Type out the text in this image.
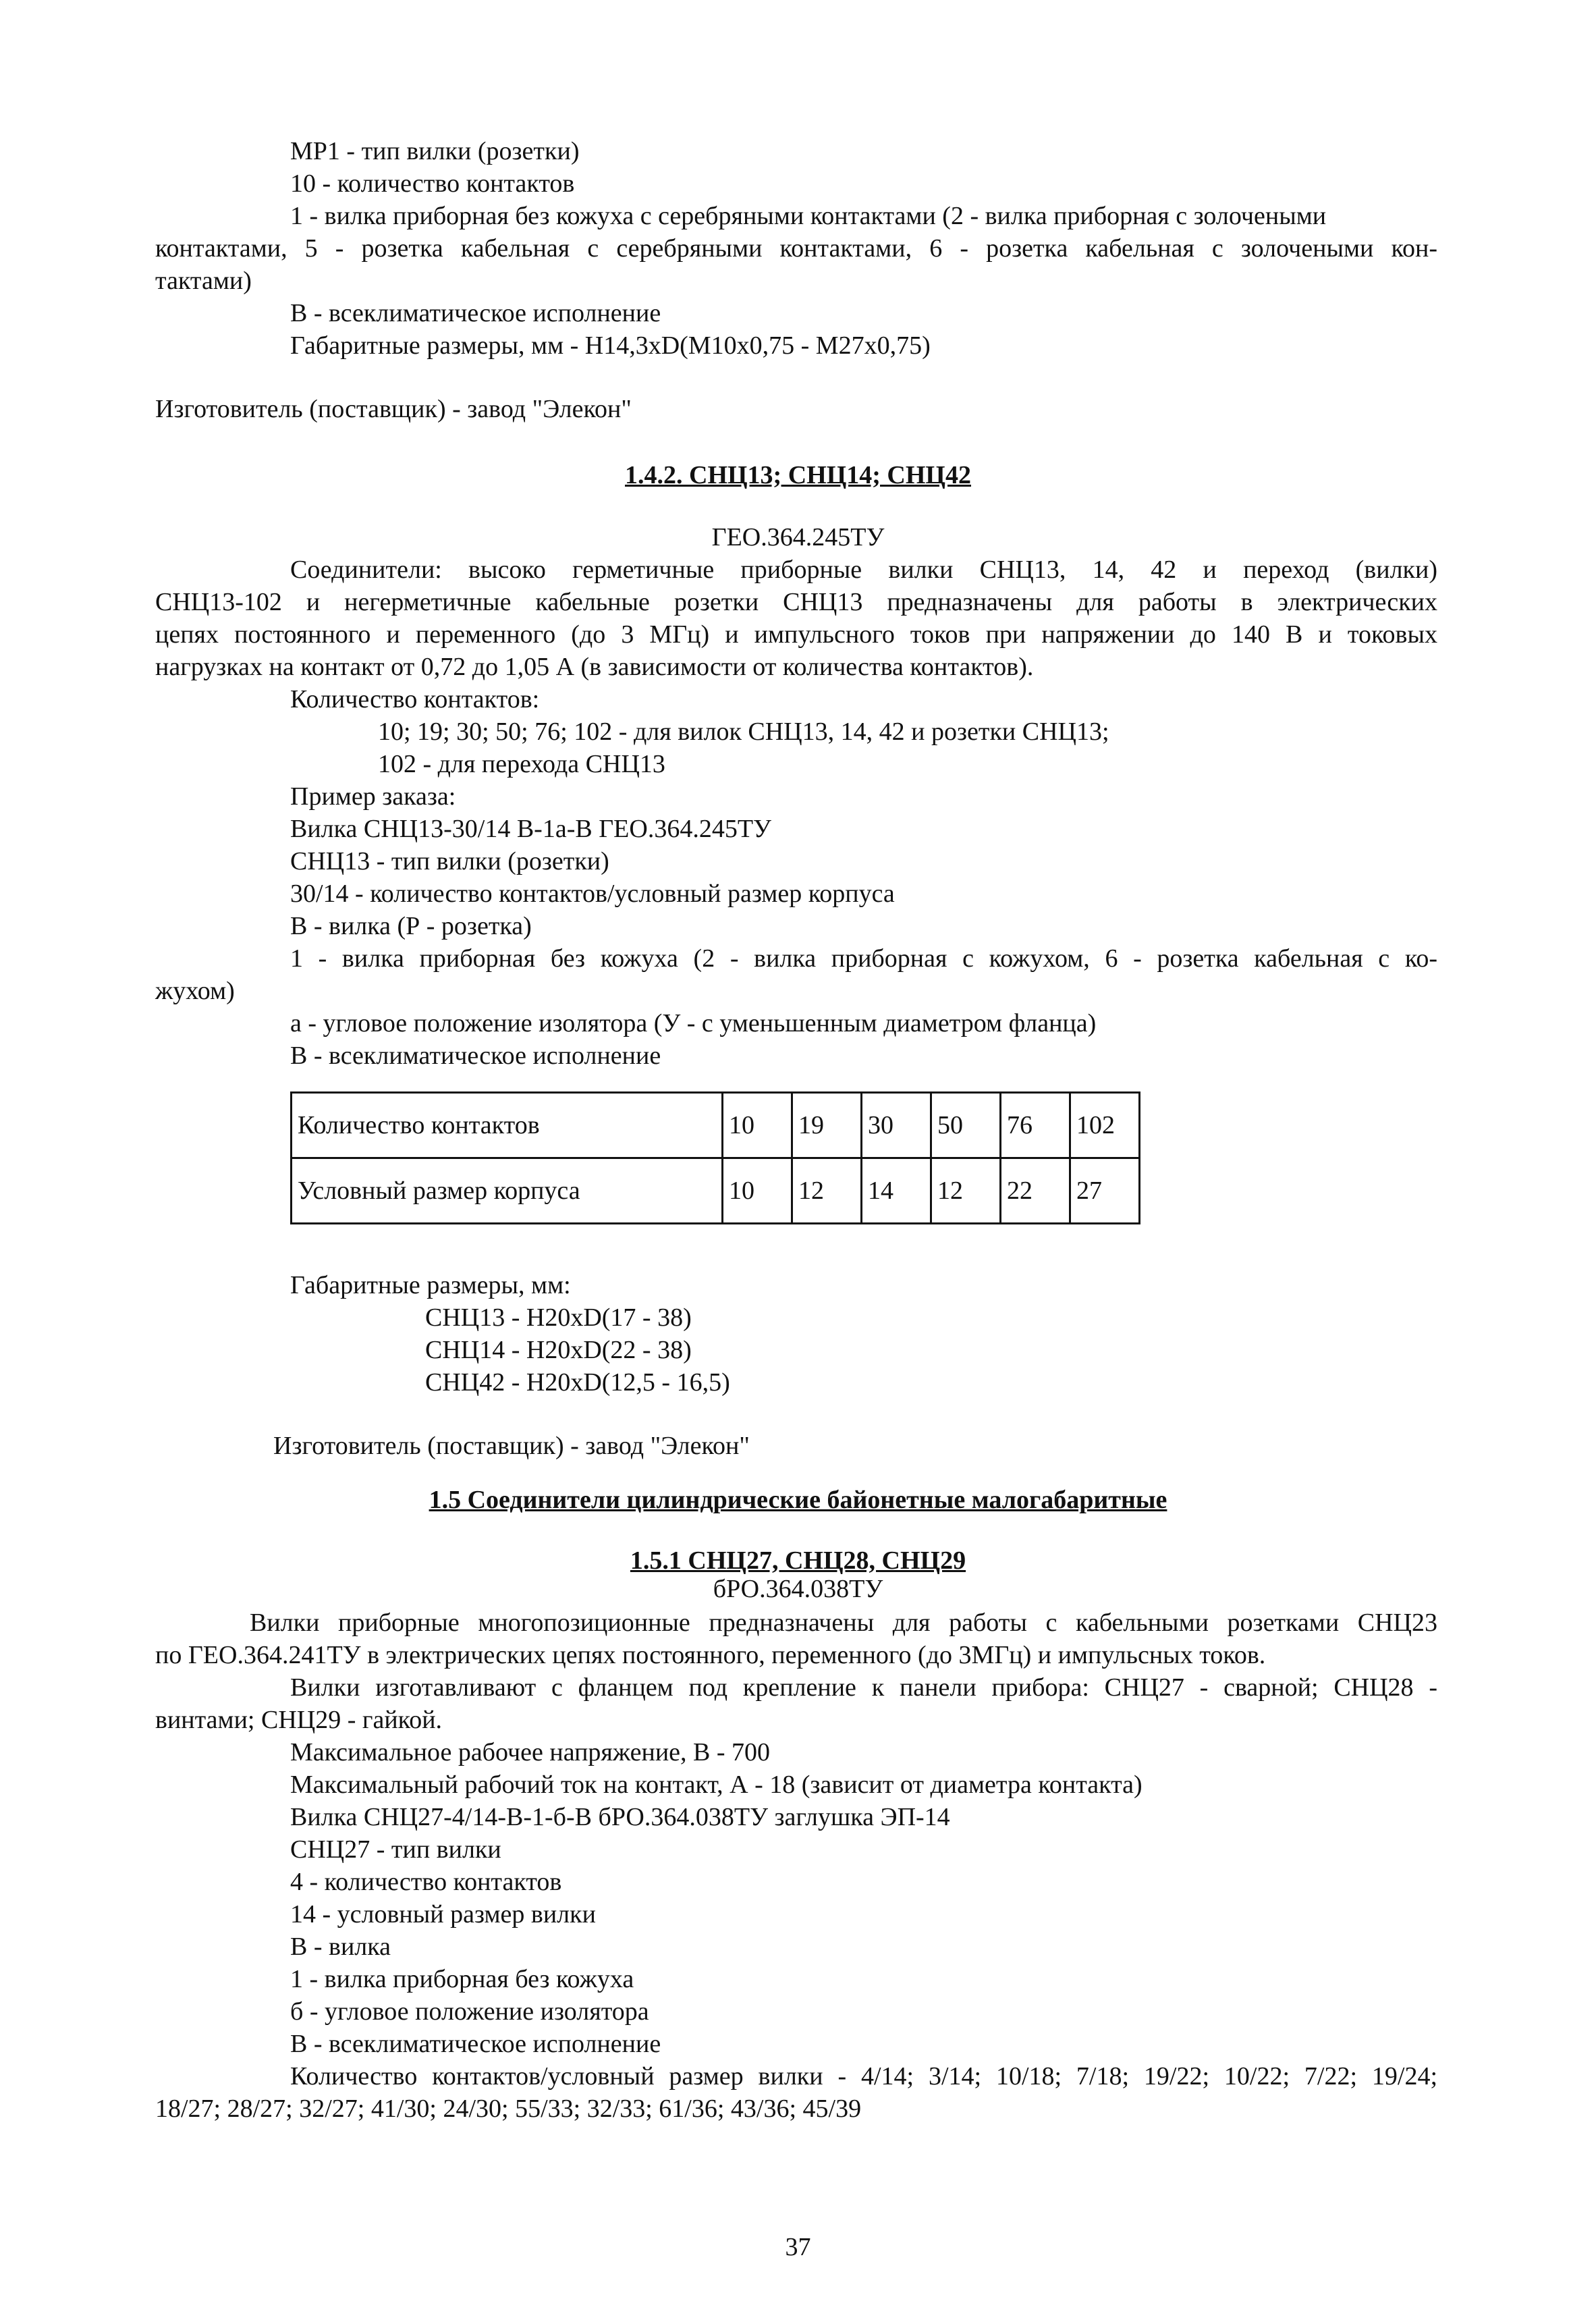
МР1 - тип вилки (розетки)
10 - количество контактов
1 - вилка приборная без кожуха с серебряными контактами (2 - вилка приборная с золочеными
контактами, 5 - розетка кабельная с серебряными контактами, 6 - розетка кабельная с золочеными кон-
тактами)
В - всеклиматическое исполнение
Габаритные размеры, мм - Н14,3хD(М10х0,75 - М27х0,75)
Изготовитель (поставщик) - завод "Элекон"
1.4.2. СНЦ13; СНЦ14; СНЦ42
ГЕО.364.245ТУ
Соединители: высоко герметичные приборные вилки СНЦ13, 14, 42 и переход (вилки)
СНЦ13-102 и негерметичные кабельные розетки СНЦ13 предназначены для работы в электрических
цепях постоянного и переменного (до 3 МГц) и импульсного токов при напряжении до 140 В и токовых
нагрузках на контакт от 0,72 до 1,05 А (в зависимости от количества контактов).
Количество контактов:
10; 19; 30; 50; 76; 102 - для вилок СНЦ13, 14, 42 и розетки СНЦ13;
102 - для перехода СНЦ13
Пример заказа:
Вилка СНЦ13-30/14 В-1а-В ГЕО.364.245ТУ
СНЦ13 - тип вилки (розетки)
30/14 - количество контактов/условный размер корпуса
В - вилка (Р - розетка)
1 - вилка приборная без кожуха (2 - вилка приборная с кожухом, 6 - розетка кабельная с ко-
жухом)
а - угловое положение изолятора (У - с уменьшенным диаметром фланца)
В - всеклиматическое исполнение
Количество контактов	10	19	30	50	76	102
Условный размер корпуса	10	12	14	12	22	27
Габаритные размеры, мм:
СНЦ13 - Н20хD(17 - 38)
СНЦ14 - Н20хD(22 - 38)
СНЦ42 - Н20хD(12,5 - 16,5)
Изготовитель (поставщик) - завод "Элекон"
1.5 Соединители цилиндрические байонетные малогабаритные
1.5.1 СНЦ27, СНЦ28, СНЦ29
бРО.364.038ТУ
Вилки приборные многопозиционные предназначены для работы с кабельными розетками СНЦ23
по ГЕО.364.241ТУ в электрических цепях постоянного, переменного (до 3МГц) и импульсных токов.
Вилки изготавливают с фланцем под крепление к панели прибора: СНЦ27 - сварной; СНЦ28 -
винтами; СНЦ29 - гайкой.
Максимальное рабочее напряжение, В - 700
Максимальный рабочий ток на контакт, А - 18 (зависит от диаметра контакта)
Вилка СНЦ27-4/14-В-1-б-В бРО.364.038ТУ заглушка ЭП-14
СНЦ27 - тип вилки
4 - количество контактов
14 - условный размер вилки
В - вилка
1 - вилка приборная без кожуха
б - угловое положение изолятора
В - всеклиматическое исполнение
Количество контактов/условный размер вилки - 4/14; 3/14; 10/18; 7/18; 19/22; 10/22; 7/22; 19/24;
18/27; 28/27; 32/27; 41/30; 24/30; 55/33; 32/33; 61/36; 43/36; 45/39
37
